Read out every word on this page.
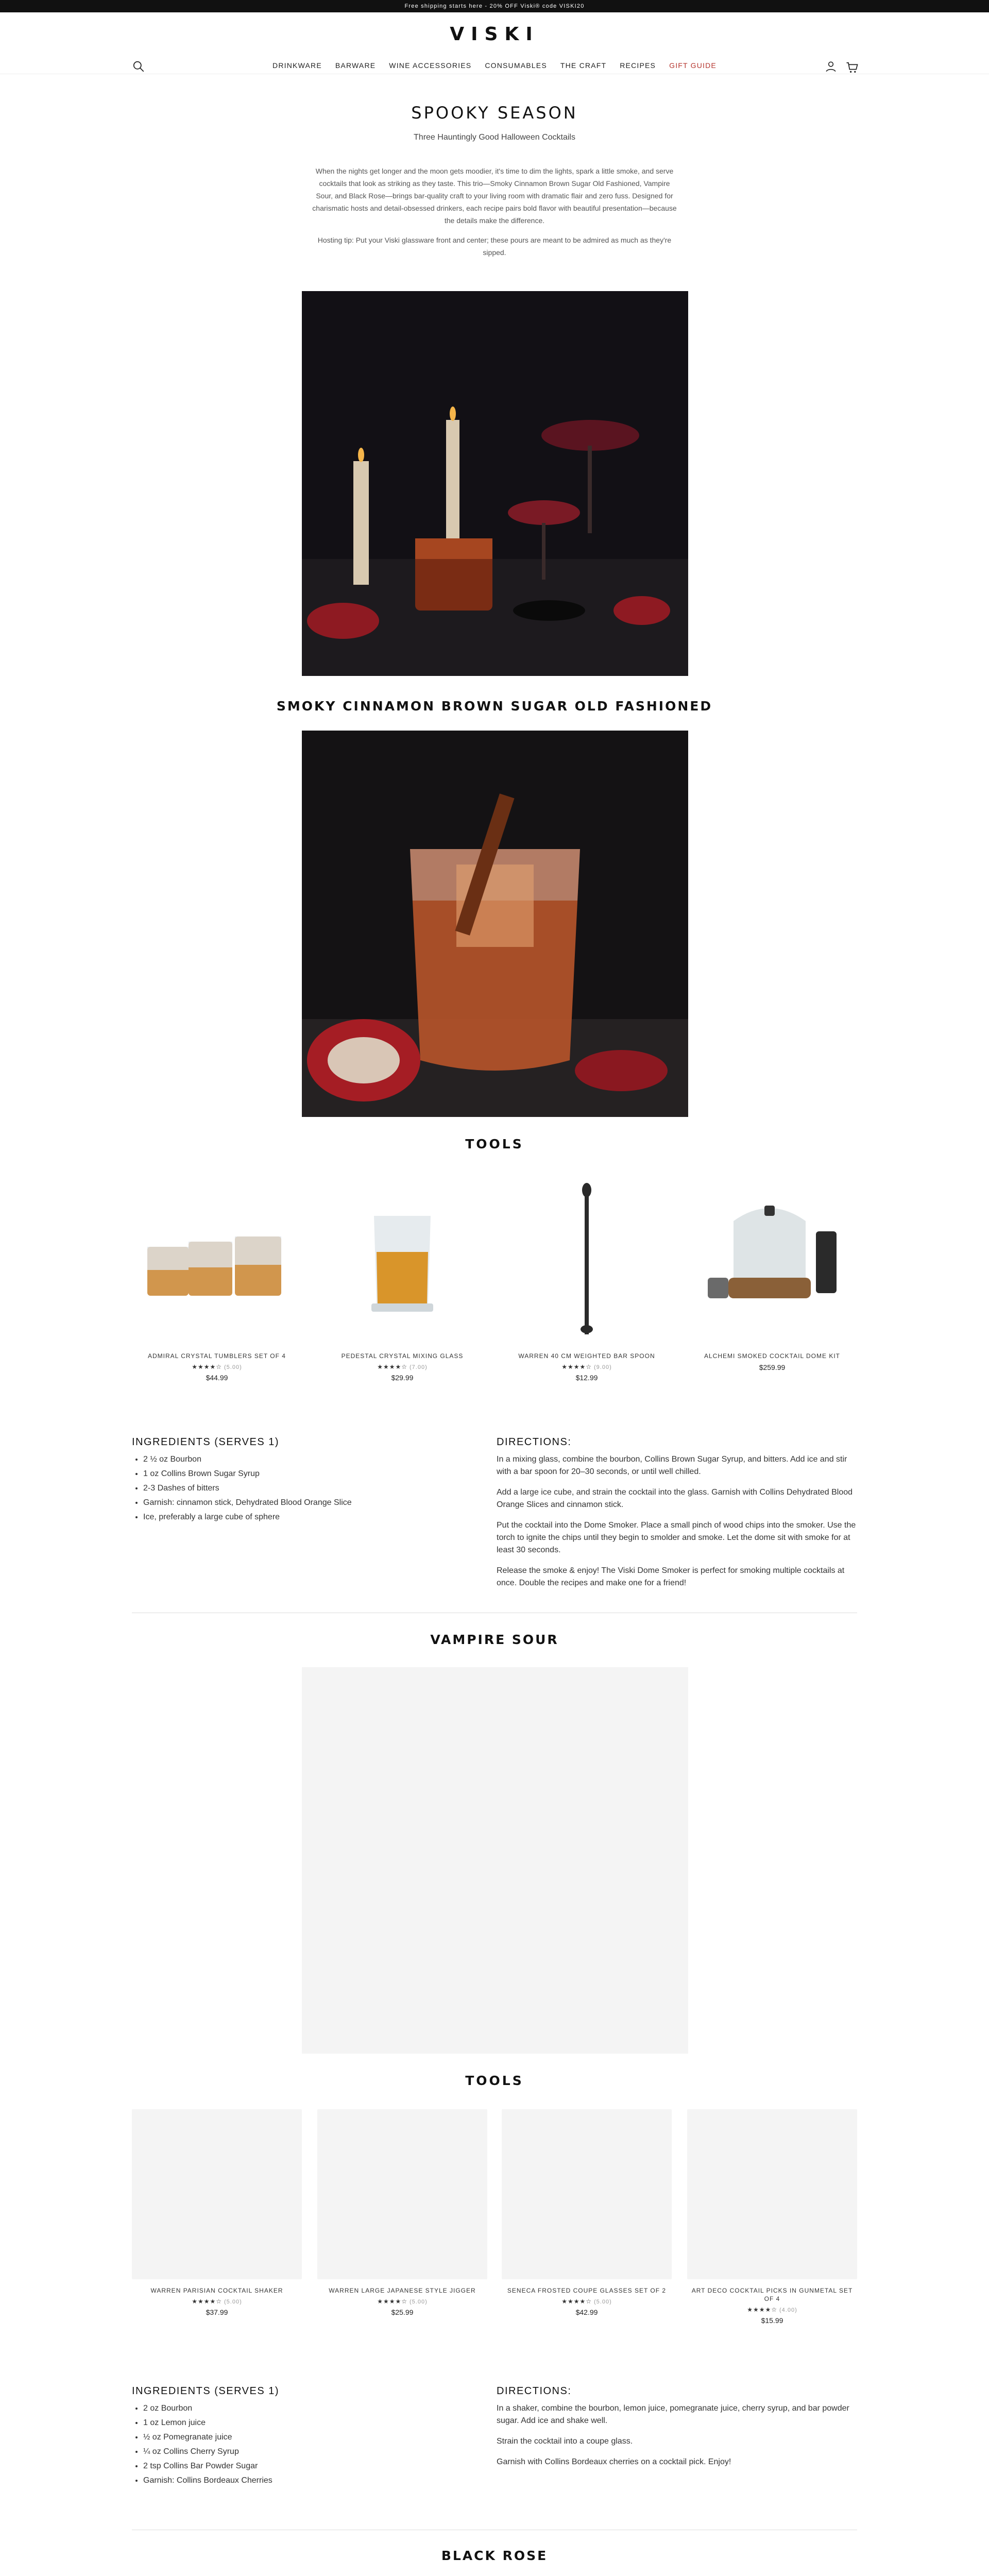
Free shipping starts here - 20% OFF Viski® code VISKI20
VISKI
DRINKWARE BARWARE WINE ACCESSORIES CONSUMABLES THE CRAFT RECIPES GIFT GUIDE
SPOOKY SEASON
Three Hauntingly Good Halloween Cocktails

When the nights get longer and the moon gets moodier, it's time to dim the lights, spark a little smoke, and serve cocktails that look as striking as they taste. This trio—Smoky Cinnamon Brown Sugar Old Fashioned, Vampire Sour, and Black Rose—brings bar-quality craft to your living room with dramatic flair and zero fuss. Designed for charismatic hosts and detail-obsessed drinkers, each recipe pairs bold flavor with beautiful presentation—because the details make the difference.

Hosting tip: Put your Viski glassware front and center; these pours are meant to be admired as much as they're sipped.

SMOKY CINNAMON BROWN SUGAR OLD FASHIONED
TOOLS
ADMIRAL CRYSTAL TUMBLERS SET OF 4
★★★★☆ (5.00)
$44.99
PEDESTAL CRYSTAL MIXING GLASS
★★★★☆ (7.00)
$29.99
WARREN 40 CM WEIGHTED BAR SPOON
★★★★☆ (9.00)
$12.99
ALCHEMI SMOKED COCKTAIL DOME KIT
$259.99
INGREDIENTS (SERVES 1)
• 2 ½ oz Bourbon
• 1 oz Collins Brown Sugar Syrup
• 2-3 Dashes of bitters
• Garnish: cinnamon stick, Dehydrated Blood Orange Slice
• Ice, preferably a large cube of sphere
DIRECTIONS:

In a mixing glass, combine the bourbon, Collins Brown Sugar Syrup, and bitters. Add ice and stir with a bar spoon for 20–30 seconds, or until well chilled.

Add a large ice cube, and strain the cocktail into the glass. Garnish with Collins Dehydrated Blood Orange Slices and cinnamon stick.

Put the cocktail into the Dome Smoker. Place a small pinch of wood chips into the smoker. Use the torch to ignite the chips until they begin to smolder and smoke. Let the dome sit with smoke for at least 30 seconds.

Release the smoke & enjoy! The Viski Dome Smoker is perfect for smoking multiple cocktails at once. Double the recipes and make one for a friend!

VAMPIRE SOUR
TOOLS
WARREN PARISIAN COCKTAIL SHAKER
★★★★☆ (5.00)
$37.99
WARREN LARGE JAPANESE STYLE JIGGER
★★★★☆ (5.00)
$25.99
SENECA FROSTED COUPE GLASSES SET OF 2
★★★★☆ (5.00)
$42.99
ART DECO COCKTAIL PICKS IN GUNMETAL SET OF 4
★★★★☆ (4.00)
$15.99
INGREDIENTS (SERVES 1)
• 2 oz Bourbon
• 1 oz Lemon juice
• ½ oz Pomegranate juice
• ¼ oz Collins Cherry Syrup
• 2 tsp Collins Bar Powder Sugar
• Garnish: Collins Bordeaux Cherries
DIRECTIONS:

In a shaker, combine the bourbon, lemon juice, pomegranate juice, cherry syrup, and bar powder sugar. Add ice and shake well.

Strain the cocktail into a coupe glass.

Garnish with Collins Bordeaux cherries on a cocktail pick. Enjoy!

BLACK ROSE
